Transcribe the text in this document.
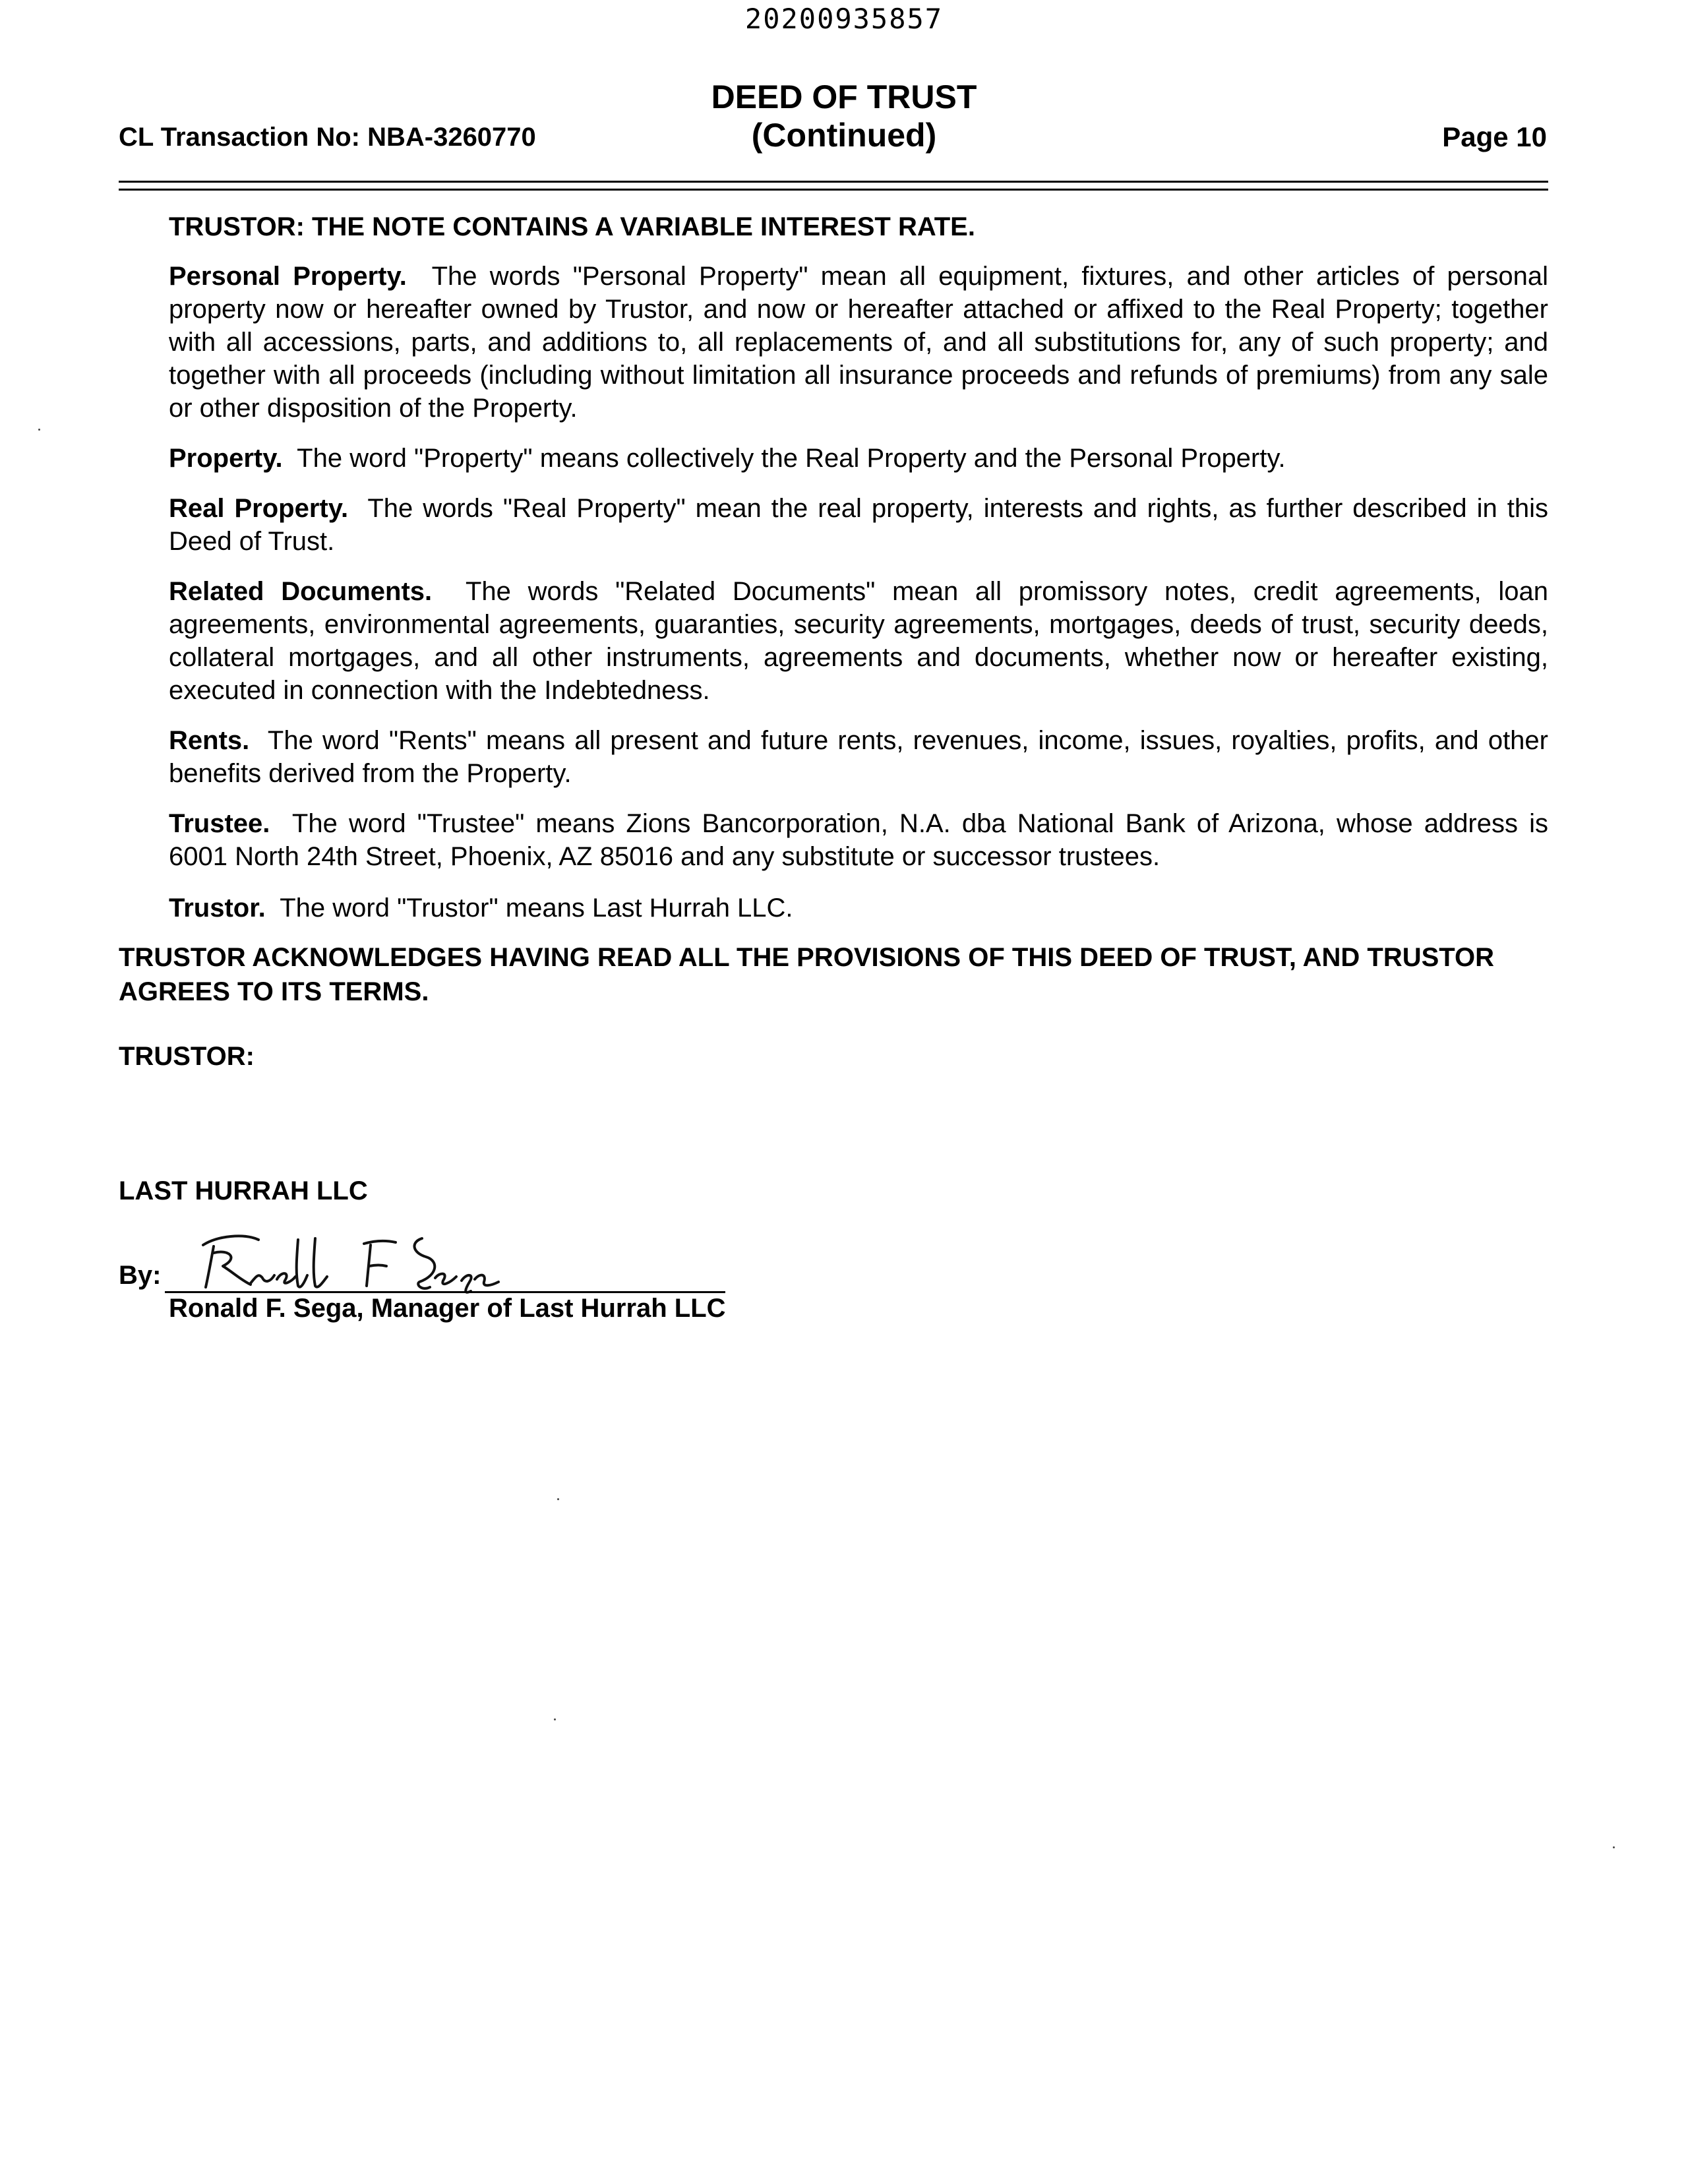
20200935857
DEED OF TRUST
(Continued)
CL Transaction No: NBA-3260770	Page 10
TRUSTOR: THE NOTE CONTAINS A VARIABLE INTEREST RATE.
Personal Property. The words "Personal Property" mean all equipment, fixtures, and other articles of personal property now or hereafter owned by Trustor, and now or hereafter attached or affixed to the Real Property; together with all accessions, parts, and additions to, all replacements of, and all substitutions for, any of such property; and together with all proceeds (including without limitation all insurance proceeds and refunds of premiums) from any sale or other disposition of the Property.
Property. The word "Property" means collectively the Real Property and the Personal Property.
Real Property. The words "Real Property" mean the real property, interests and rights, as further described in this Deed of Trust.
Related Documents. The words "Related Documents" mean all promissory notes, credit agreements, loan agreements, environmental agreements, guaranties, security agreements, mortgages, deeds of trust, security deeds, collateral mortgages, and all other instruments, agreements and documents, whether now or hereafter existing, executed in connection with the Indebtedness.
Rents. The word "Rents" means all present and future rents, revenues, income, issues, royalties, profits, and other benefits derived from the Property.
Trustee. The word "Trustee" means Zions Bancorporation, N.A. dba National Bank of Arizona, whose address is 6001 North 24th Street, Phoenix, AZ 85016 and any substitute or successor trustees.
Trustor. The word "Trustor" means Last Hurrah LLC.
TRUSTOR ACKNOWLEDGES HAVING READ ALL THE PROVISIONS OF THIS DEED OF TRUST, AND TRUSTOR AGREES TO ITS TERMS.
TRUSTOR:
LAST HURRAH LLC
By:
Ronald F. Sega, Manager of Last Hurrah LLC
